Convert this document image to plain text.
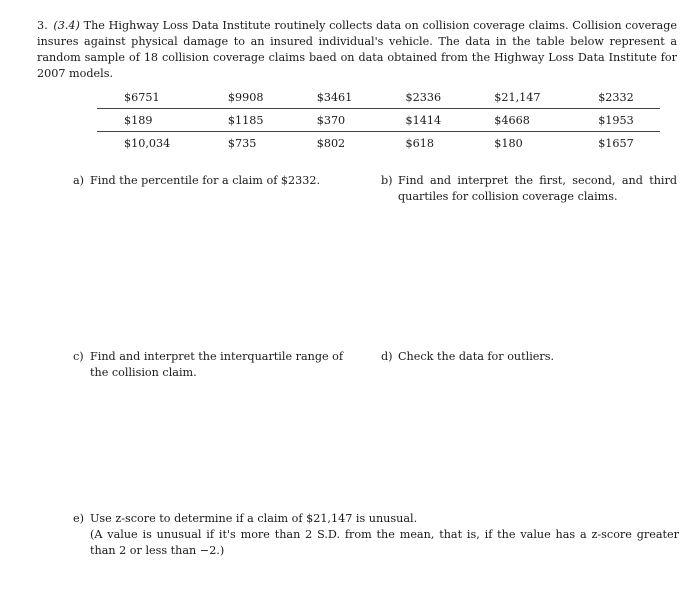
3. (3.4) The Highway Loss Data Institute routinely collects data on collision coverage claims. Collision coverage insures against physical damage to an insured individual's vehicle. The data in the table below represent a random sample of 18 collision coverage claims baed on data obtained from the Highway Loss Data Institute for 2007 models.
$6751	$9908	$3461	$2336	$21,147	$2332
$189	$1185	$370	$1414	$4668	$1953
$10,034	$735	$802	$618	$180	$1657
a) Find the percentile for a claim of $2332.	b) Find and interpret the first, second, and third quartiles for collision coverage claims.
c) Find and interpret the interquartile range of the collision claim.
d) Check the data for outliers.
e) Use z-score to determine if a claim of $21,147 is unusual.
(A value is unusual if it's more than 2 S.D. from the mean, that is, if the value has a z-score greater than 2 or less than −2.)
